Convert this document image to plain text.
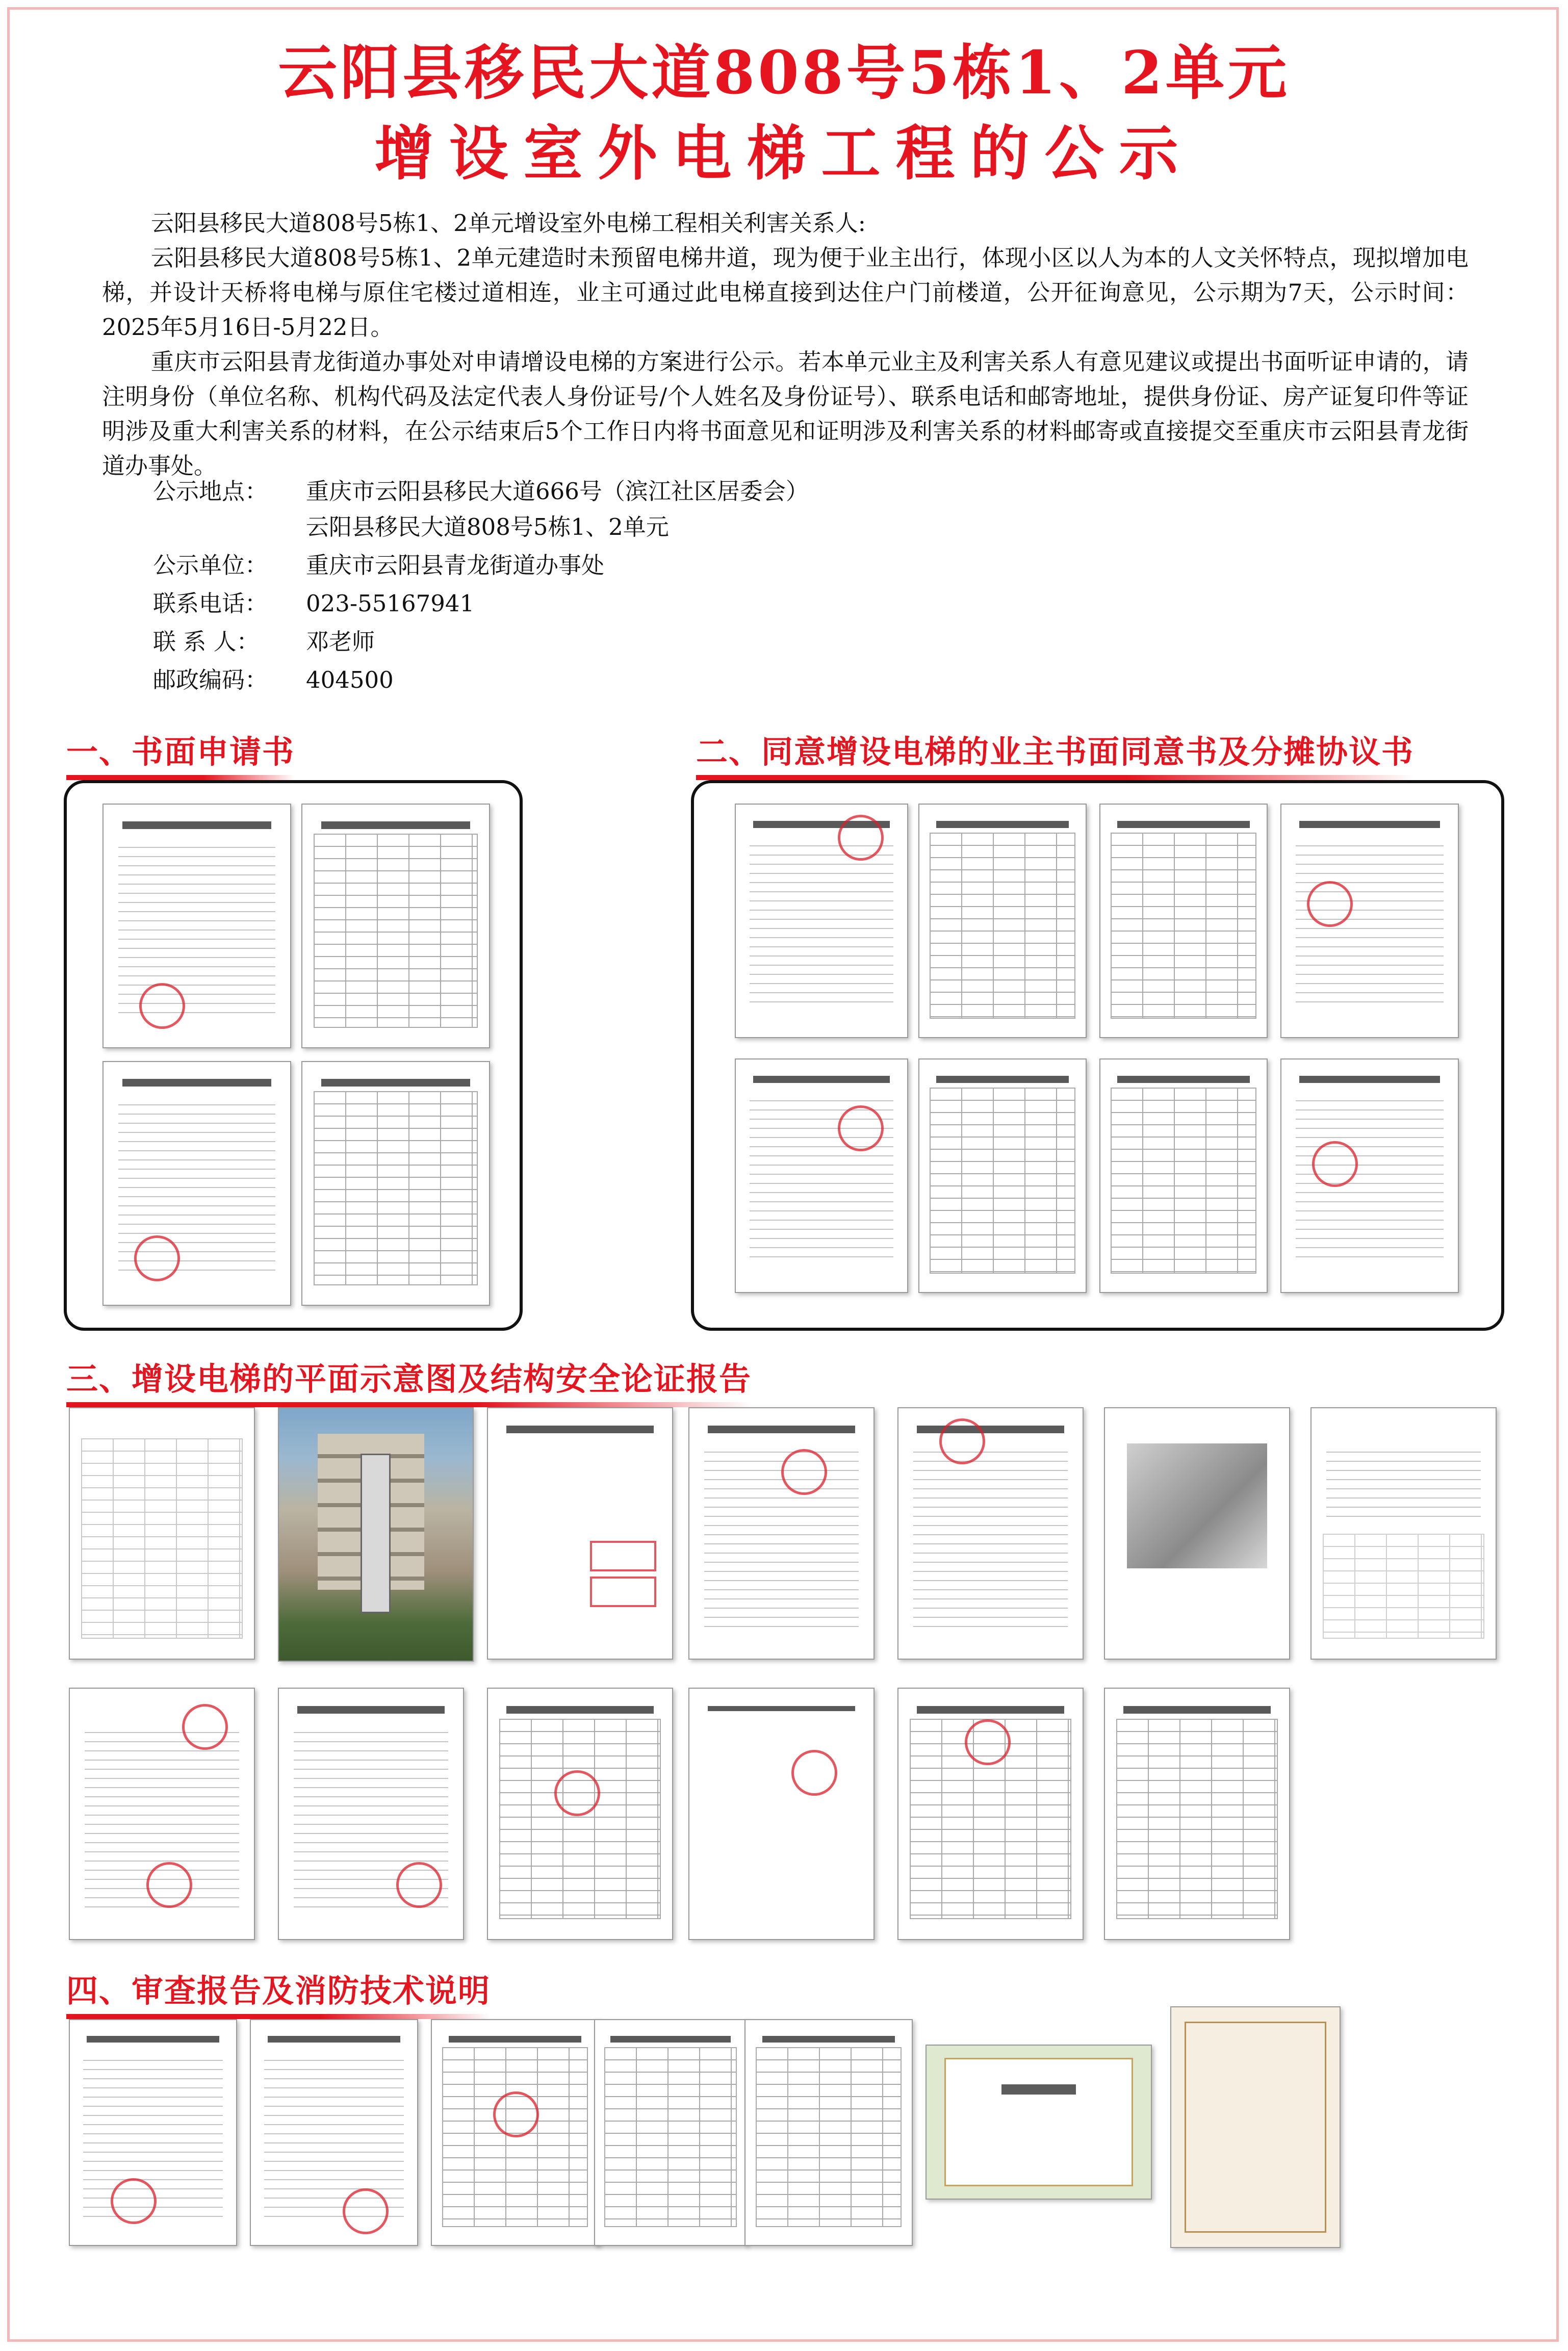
云阳县移民大道808号5栋1、2单元
增设室外电梯工程的公示

云阳县移民大道808号5栋1、2单元增设室外电梯工程相关利害关系人:

云阳县移民大道808号5栋1、2单元建造时未预留电梯井道，现为便于业主出行，体现小区以人为本的人文关怀特点，现拟增加电梯，并设计天桥将电梯与原住宅楼过道相连，业主可通过此电梯直接到达住户门前楼道，公开征询意见，公示期为7天，公示时间：2025年5月16日-5月22日。

重庆市云阳县青龙街道办事处对申请增设电梯的方案进行公示。若本单元业主及利害关系人有意见建议或提出书面听证申请的，请注明身份（单位名称、机构代码及法定代表人身份证号/个人姓名及身份证号）、联系电话和邮寄地址，提供身份证、房产证复印件等证明涉及重大利害关系的材料，在公示结束后5个工作日内将书面意见和证明涉及利害关系的材料邮寄或直接提交至重庆市云阳县青龙街道办事处。

公示地点： 重庆市云阳县移民大道666号（滨江社区居委会）
云阳县移民大道808号5栋1、2单元
公示单位： 重庆市云阳县青龙街道办事处
联系电话： 023-55167941
联 系 人： 邓老师
邮政编码： 404500
一、书面申请书	二、同意增设电梯的业主书面同意书及分摊协议书
三、增设电梯的平面示意图及结构安全论证报告
四、审查报告及消防技术说明
